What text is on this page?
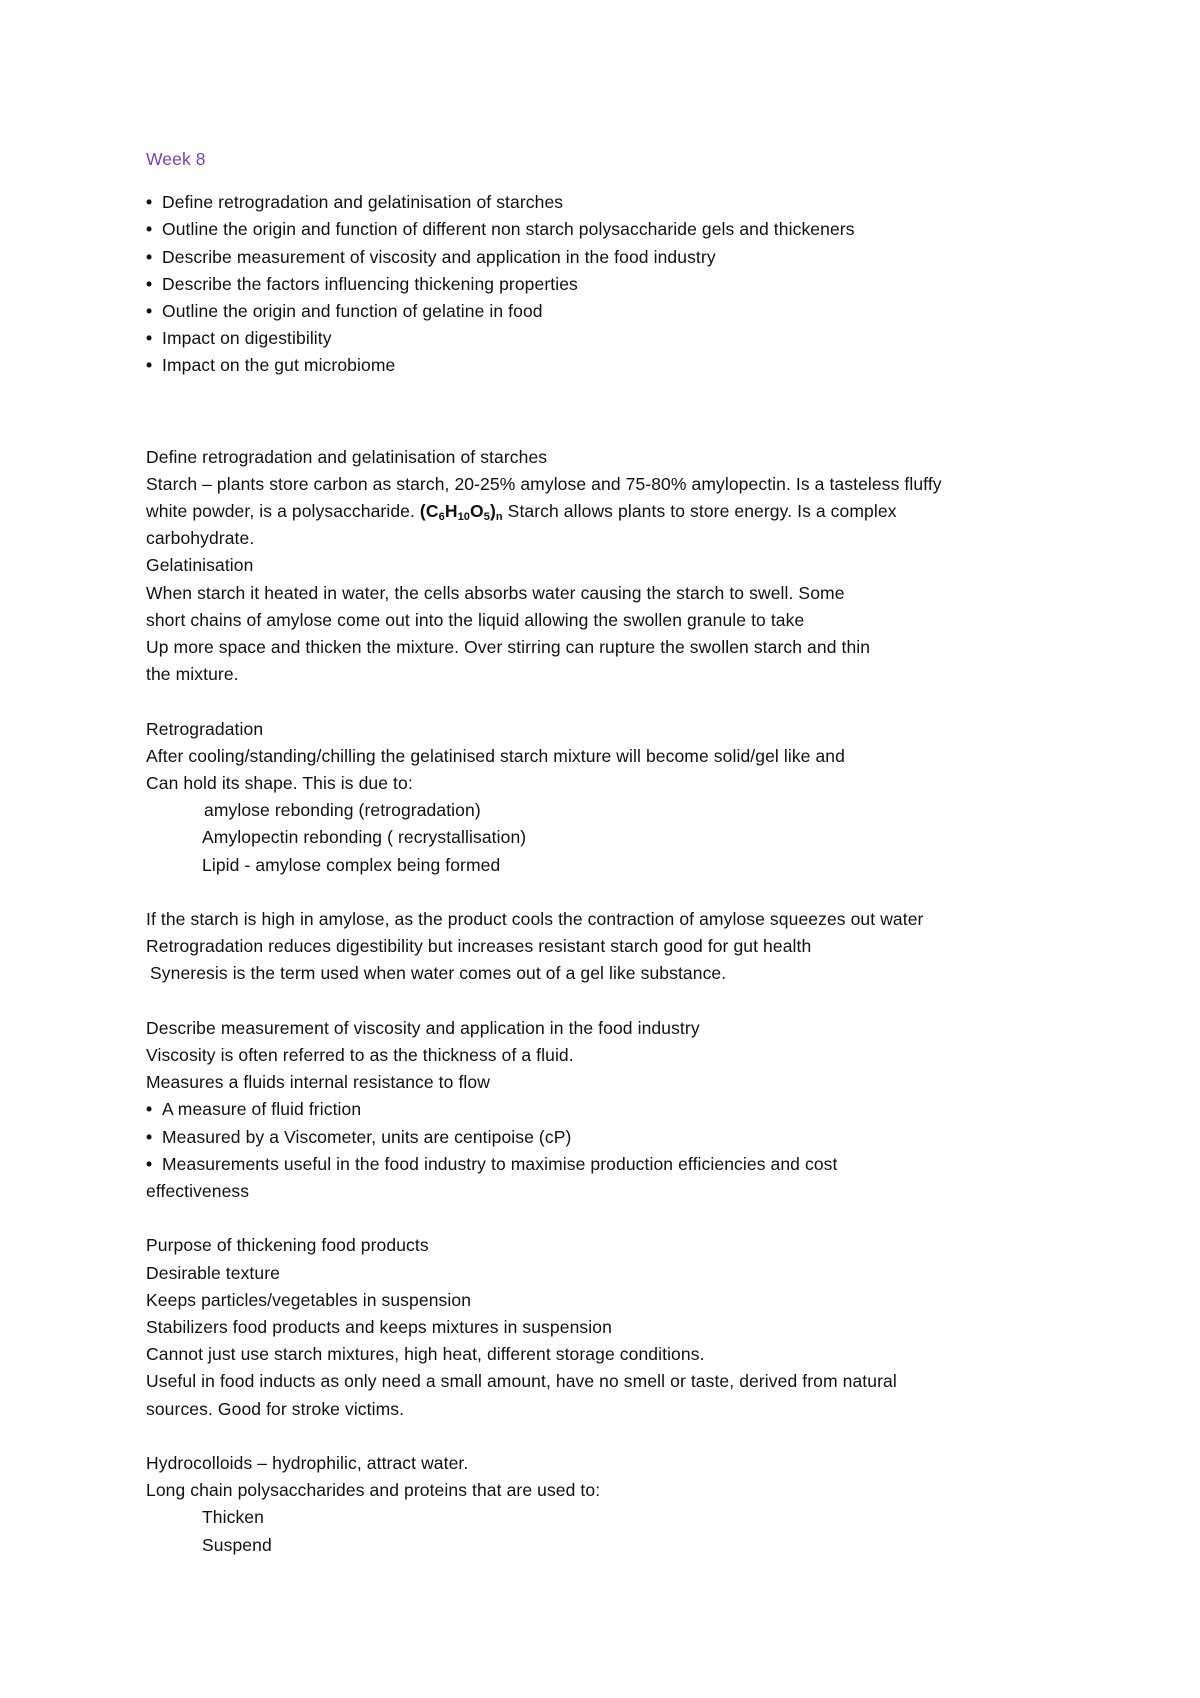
Week 8
• Define retrogradation and gelatinisation of starches
• Outline the origin and function of different non starch polysaccharide gels and thickeners
• Describe measurement of viscosity and application in the food industry
• Describe the factors influencing thickening properties
• Outline the origin and function of gelatine in food
• Impact on digestibility
• Impact on the gut microbiome
Define retrogradation and gelatinisation of starches
Starch – plants store carbon as starch, 20-25% amylose and 75-80% amylopectin. Is a tasteless fluffy
white powder, is a polysaccharide. $(C_6H_{10}O_5)_n$ Starch allows plants to store energy. Is a complex
carbohydrate.
Gelatinisation
When starch it heated in water, the cells absorbs water causing the starch to swell. Some
short chains of amylose come out into the liquid allowing the swollen granule to take
Up more space and thicken the mixture. Over stirring can rupture the swollen starch and thin
the mixture.
Retrogradation
After cooling/standing/chilling the gelatinised starch mixture will become solid/gel like and
Can hold its shape. This is due to:
amylose rebonding (retrogradation)
Amylopectin rebonding ( recrystallisation)
Lipid - amylose complex being formed
If the starch is high in amylose, as the product cools the contraction of amylose squeezes out water
Retrogradation reduces digestibility but increases resistant starch good for gut health
Syneresis is the term used when water comes out of a gel like substance.
Describe measurement of viscosity and application in the food industry
Viscosity is often referred to as the thickness of a fluid.
Measures a fluids internal resistance to flow
• A measure of fluid friction
• Measured by a Viscometer, units are centipoise (cP)
• Measurements useful in the food industry to maximise production efficiencies and cost
effectiveness
Purpose of thickening food products
Desirable texture
Keeps particles/vegetables in suspension
Stabilizers food products and keeps mixtures in suspension
Cannot just use starch mixtures, high heat, different storage conditions.
Useful in food inducts as only need a small amount, have no smell or taste, derived from natural
sources. Good for stroke victims.
Hydrocolloids – hydrophilic, attract water.
Long chain polysaccharides and proteins that are used to:
Thicken
Suspend
